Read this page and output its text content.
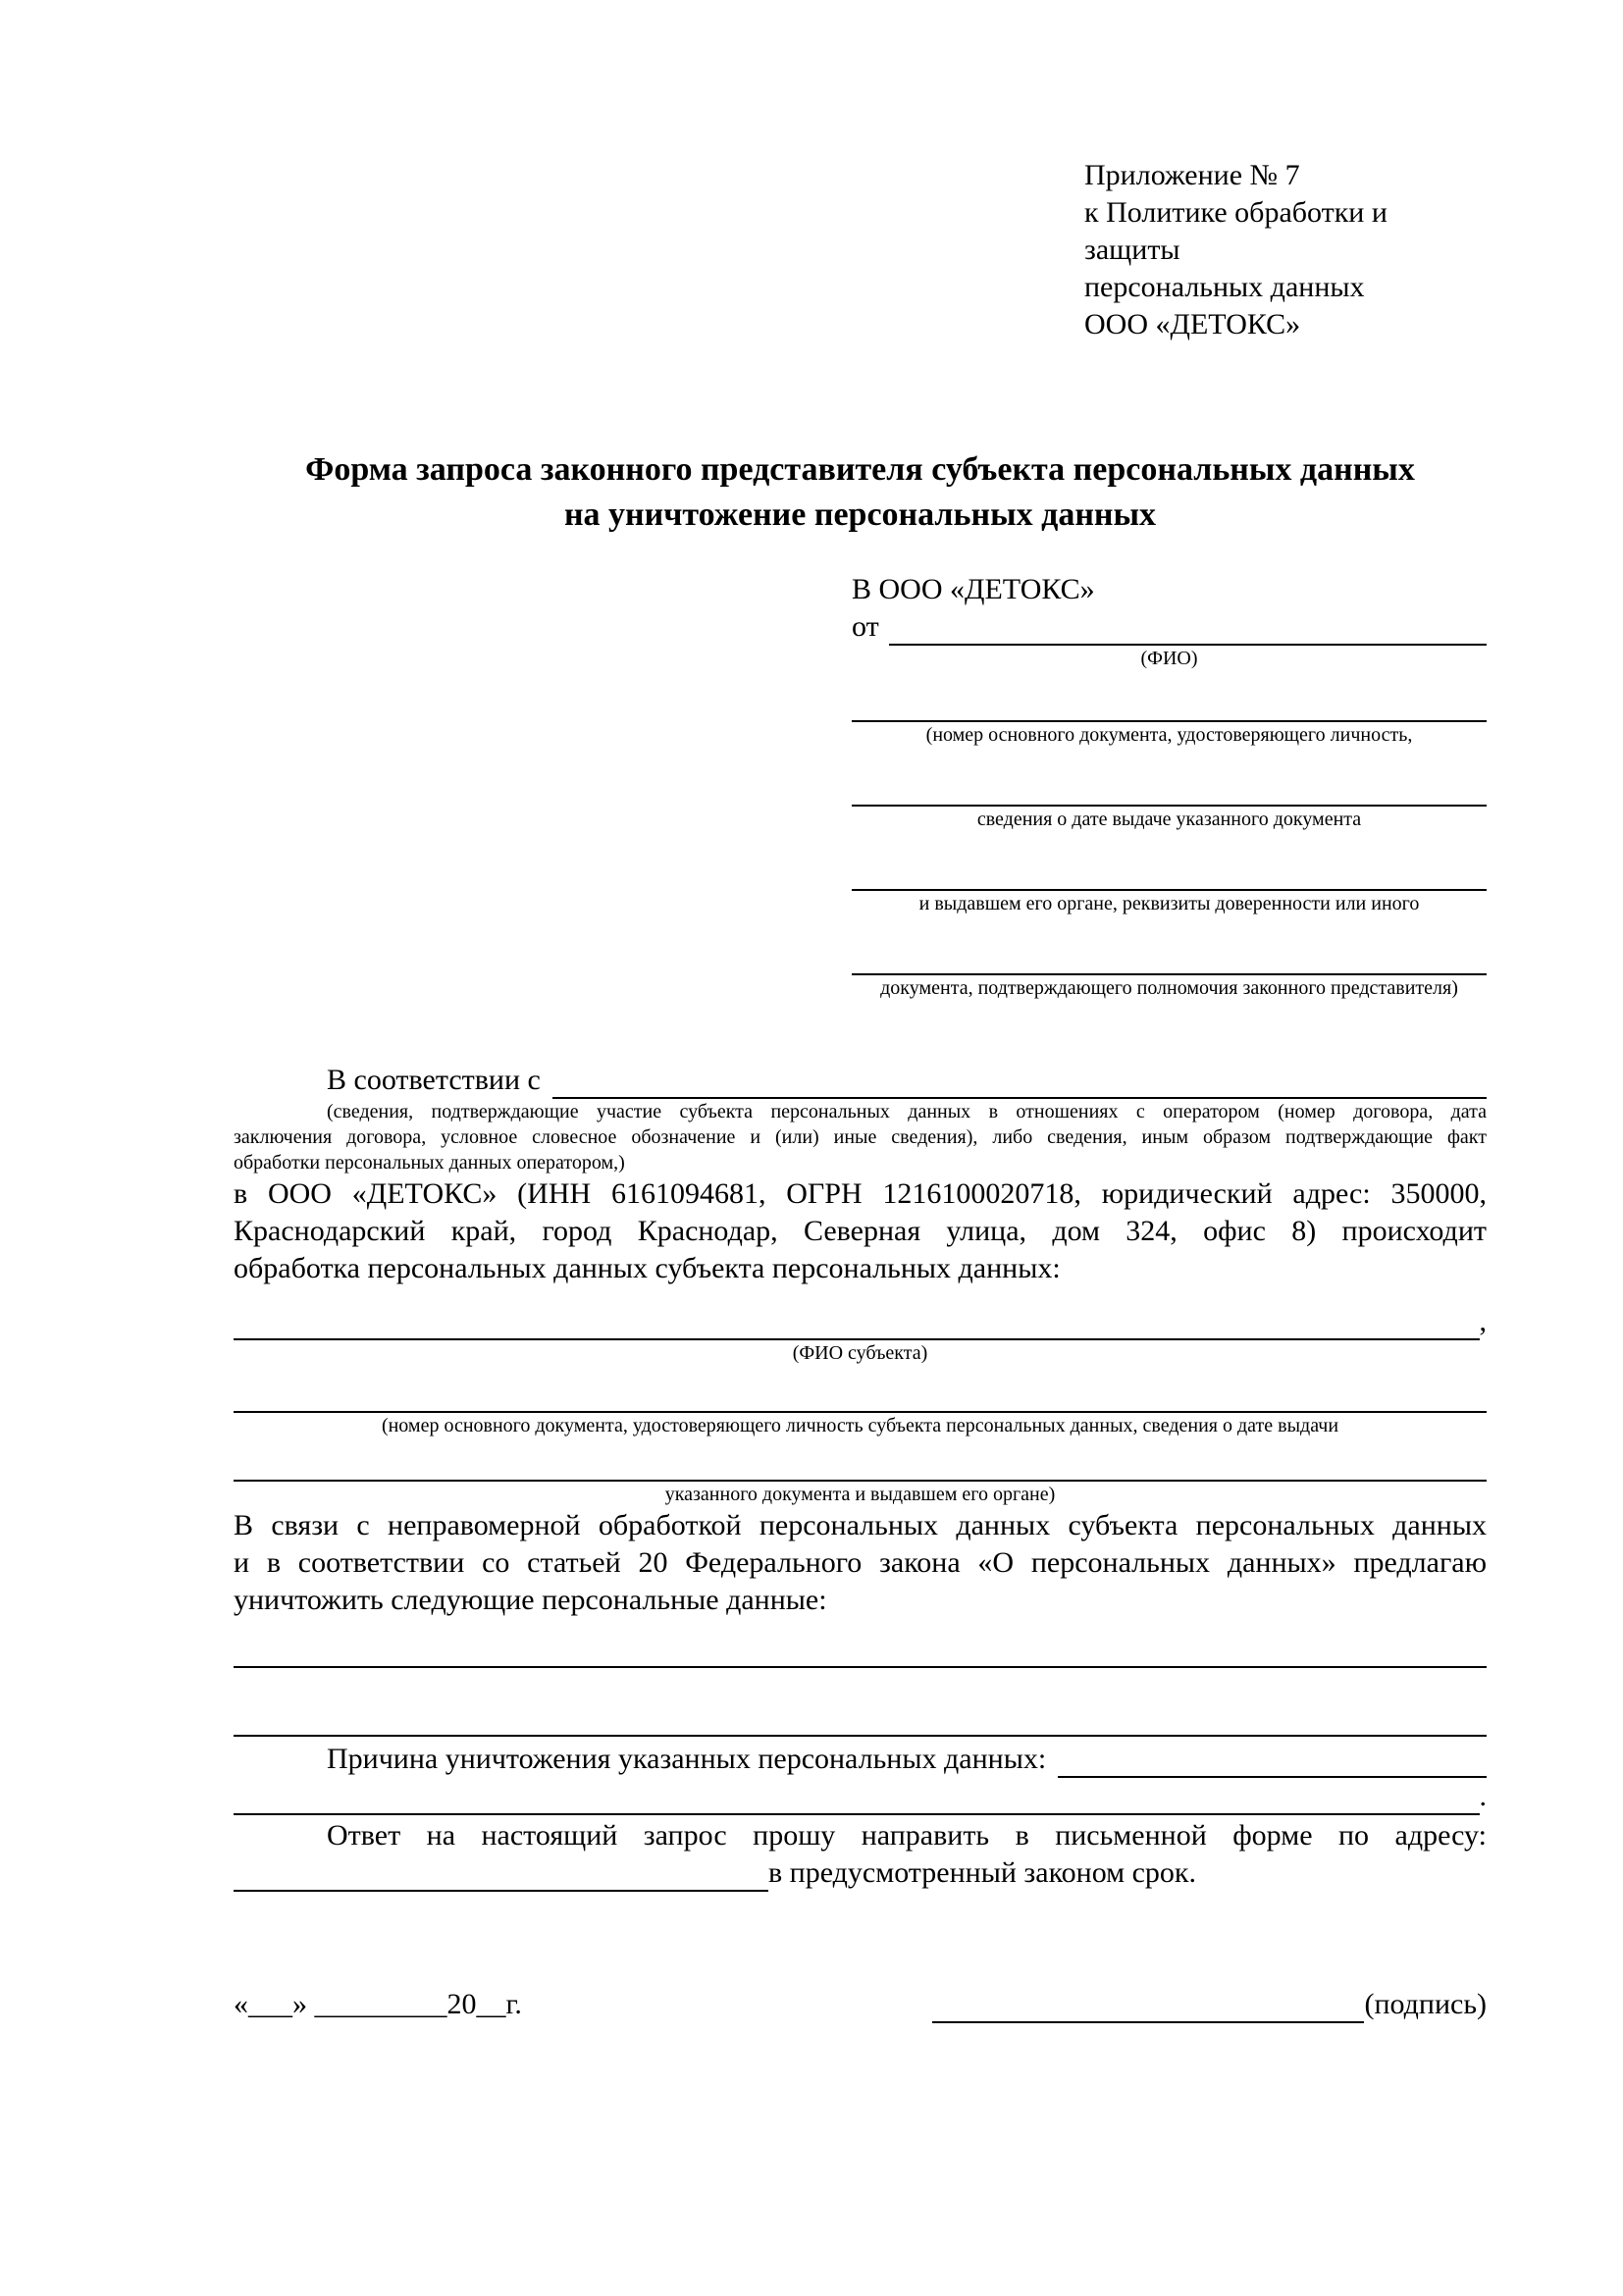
Приложение № 7
к Политике обработки и защиты
персональных данных
ООО «ДЕТОКС»
Форма запроса законного представителя субъекта персональных данных
на уничтожение персональных данных
В ООО «ДЕТОКС»
от
(ФИО)
(номер основного документа, удостоверяющего личность,
сведения о дате выдаче указанного документа
и выдавшем его органе, реквизиты доверенности или иного
документа, подтверждающего полномочия законного представителя)
В соответствии с
(сведения, подтверждающие участие субъекта персональных данных в отношениях с оператором (номер договора, дата
заключения договора, условное словесное обозначение и (или) иные сведения), либо сведения, иным образом подтверждающие факт
обработки персональных данных оператором,)
в ООО «ДЕТОКС» (ИНН 6161094681, ОГРН 1216100020718, юридический адрес: 350000,
Краснодарский край, город Краснодар, Северная улица, дом 324, офис 8) происходит
обработка персональных данных субъекта персональных данных:
,
(ФИО субъекта)
(номер основного документа, удостоверяющего личность субъекта персональных данных, сведения о дате выдачи
указанного документа и выдавшем его органе)
В связи с неправомерной обработкой персональных данных субъекта персональных данных
и в соответствии со статьей 20 Федерального закона «О персональных данных» предлагаю
уничтожить следующие персональные данные:
Причина уничтожения указанных персональных данных:
.
Ответ на настоящий запрос прошу направить в письменной форме по адресу:
в предусмотренный законом срок.
«___» _________20__г.	(подпись)
